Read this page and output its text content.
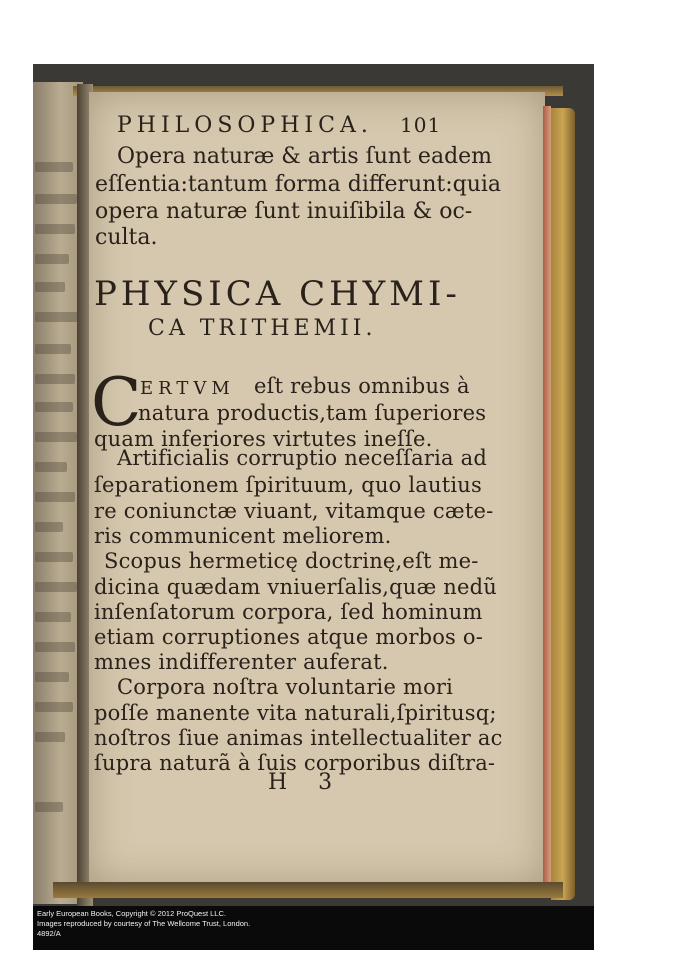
PHILOSOPHICA. 101
Opera naturæ & artis ſunt eadem
eſſentia:tantum forma differunt:quia
opera naturæ ſunt inuiſibila & oc-
culta.
PHYSICA CHYMI-
CA TRITHEMII.
C
ERTVM eſt rebus omnibus à
natura productis,tam ſuperiores
quam inferiores virtutes ineſſe.
Artificialis corruptio neceſſaria ad
ſeparationem ſpirituum, quo lautius
re coniunctæ viuant, vitamque cæte-
ris communicent meliorem.
Scopus hermeticę doctrinę,eſt me-
dicina quædam vniuerſalis,quæ nedũ
inſenſatorum corpora, ſed hominum
etiam corruptiones atque morbos o-
mnes indifferenter auferat.
Corpora noſtra voluntarie mori
poſſe manente vita naturali,ſpiritusq;
noſtros ſiue animas intellectualiter ac
ſupra naturã à ſuis corporibus diſtra-
H 3
Early European Books, Copyright © 2012 ProQuest LLC.
Images reproduced by courtesy of The Wellcome Trust, London.
4892/A
